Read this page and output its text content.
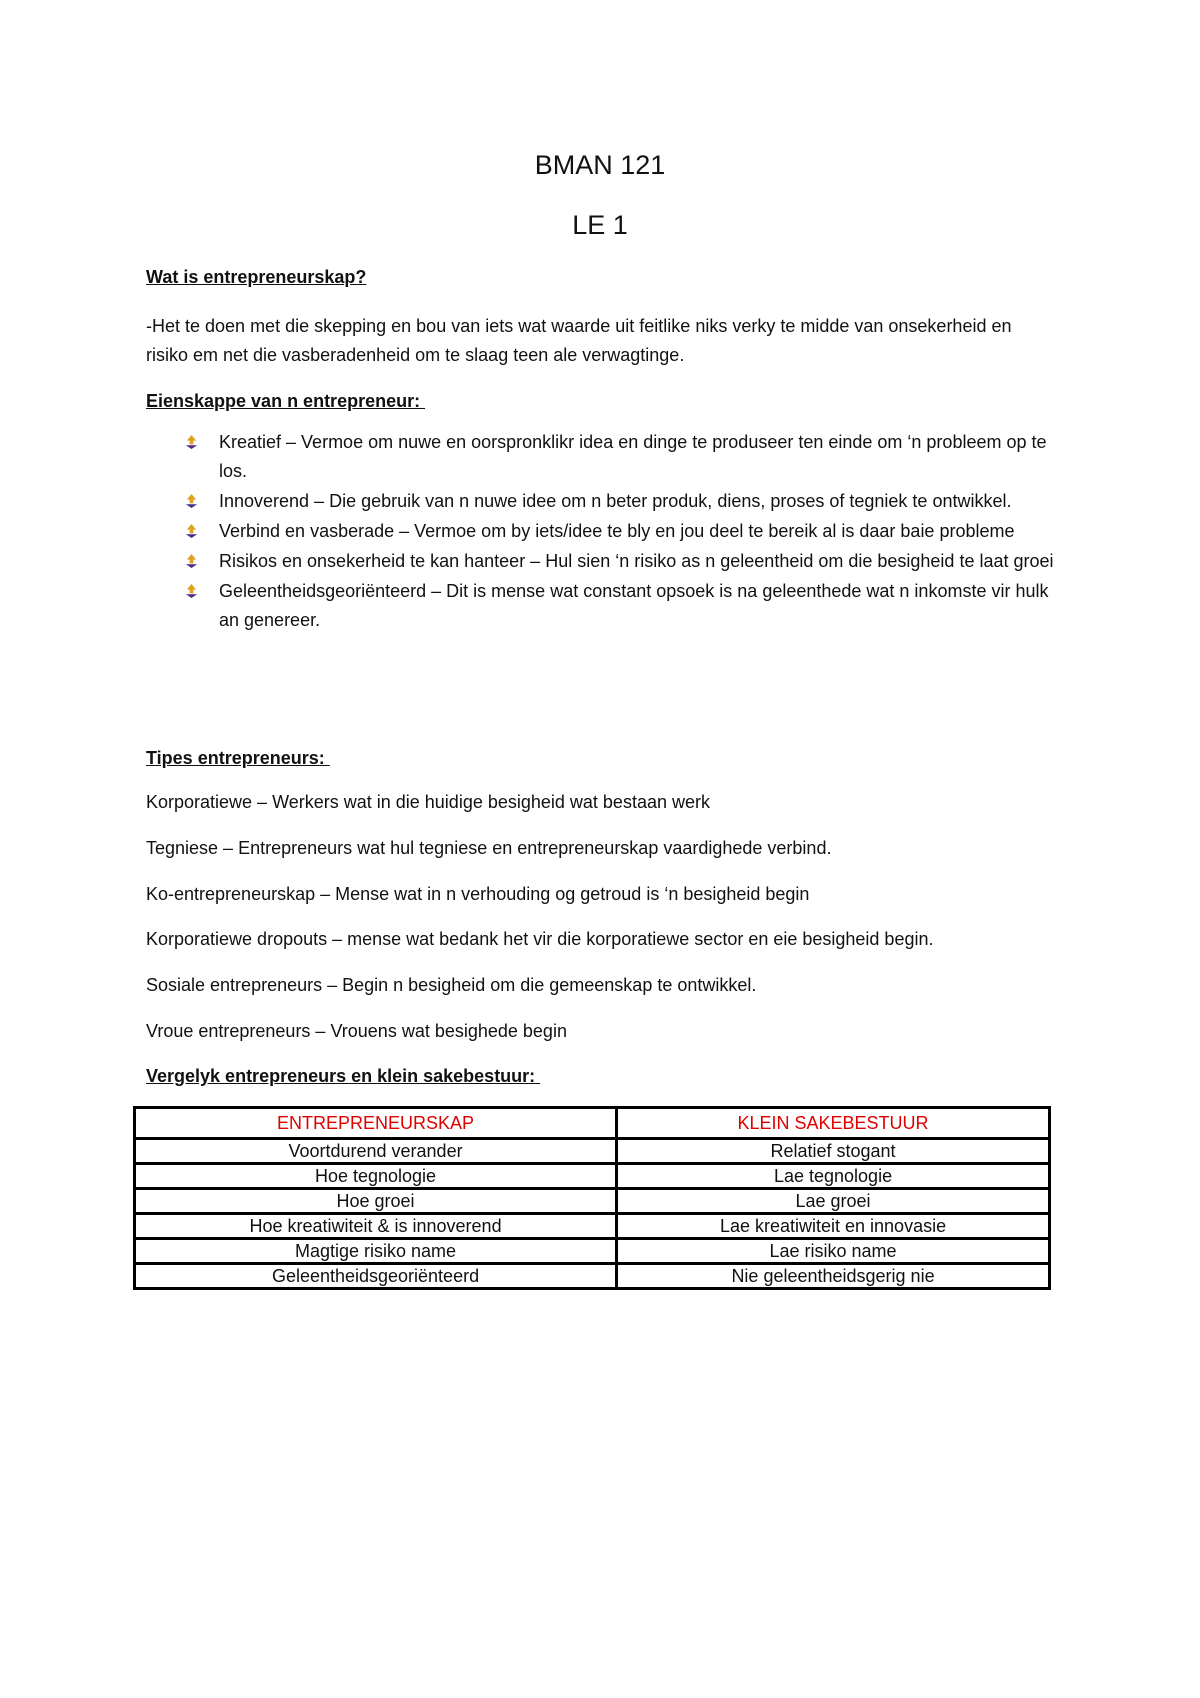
BMAN 121
LE 1
Wat is entrepreneurskap?
-Het te doen met die skepping en bou van iets wat waarde uit feitlike niks verky te midde van onsekerheid en risiko em net die vasberadenheid om te slaag teen ale verwagtinge.
Eienskappe van n entrepreneur:
Kreatief – Vermoe om nuwe en oorspronklikr idea en dinge te produseer ten einde om ‘n probleem op te los.
Innoverend – Die gebruik van n nuwe idee om n beter produk, diens, proses of tegniek te ontwikkel.
Verbind en vasberade – Vermoe om by iets/idee te bly en jou deel te bereik al is daar baie probleme
Risikos en onsekerheid te kan hanteer – Hul sien ‘n risiko as n geleentheid om die besigheid te laat groei
Geleentheidsgeoriënteerd – Dit is mense wat constant opsoek is na geleenthede wat n inkomste vir hulk an genereer.
Tipes entrepreneurs:
Korporatiewe – Werkers wat in die huidige besigheid wat bestaan werk
Tegniese – Entrepreneurs wat hul tegniese en entrepreneurskap vaardighede verbind.
Ko-entrepreneurskap – Mense wat in n verhouding og getroud is ‘n besigheid begin
Korporatiewe dropouts – mense wat bedank het vir die korporatiewe sector en eie besigheid begin.
Sosiale entrepreneurs – Begin n besigheid om die gemeenskap te ontwikkel.
Vroue entrepreneurs – Vrouens wat besighede begin
Vergelyk entrepreneurs en klein sakebestuur:
ENTREPRENEURSKAP	KLEIN SAKEBESTUUR
Voortdurend verander	Relatief stogant
Hoe tegnologie	Lae tegnologie
Hoe groei	Lae groei
Hoe kreatiwiteit & is innoverend	Lae kreatiwiteit en innovasie
Magtige risiko name	Lae risiko name
Geleentheidsgeoriënteerd	Nie geleentheidsgerig nie
